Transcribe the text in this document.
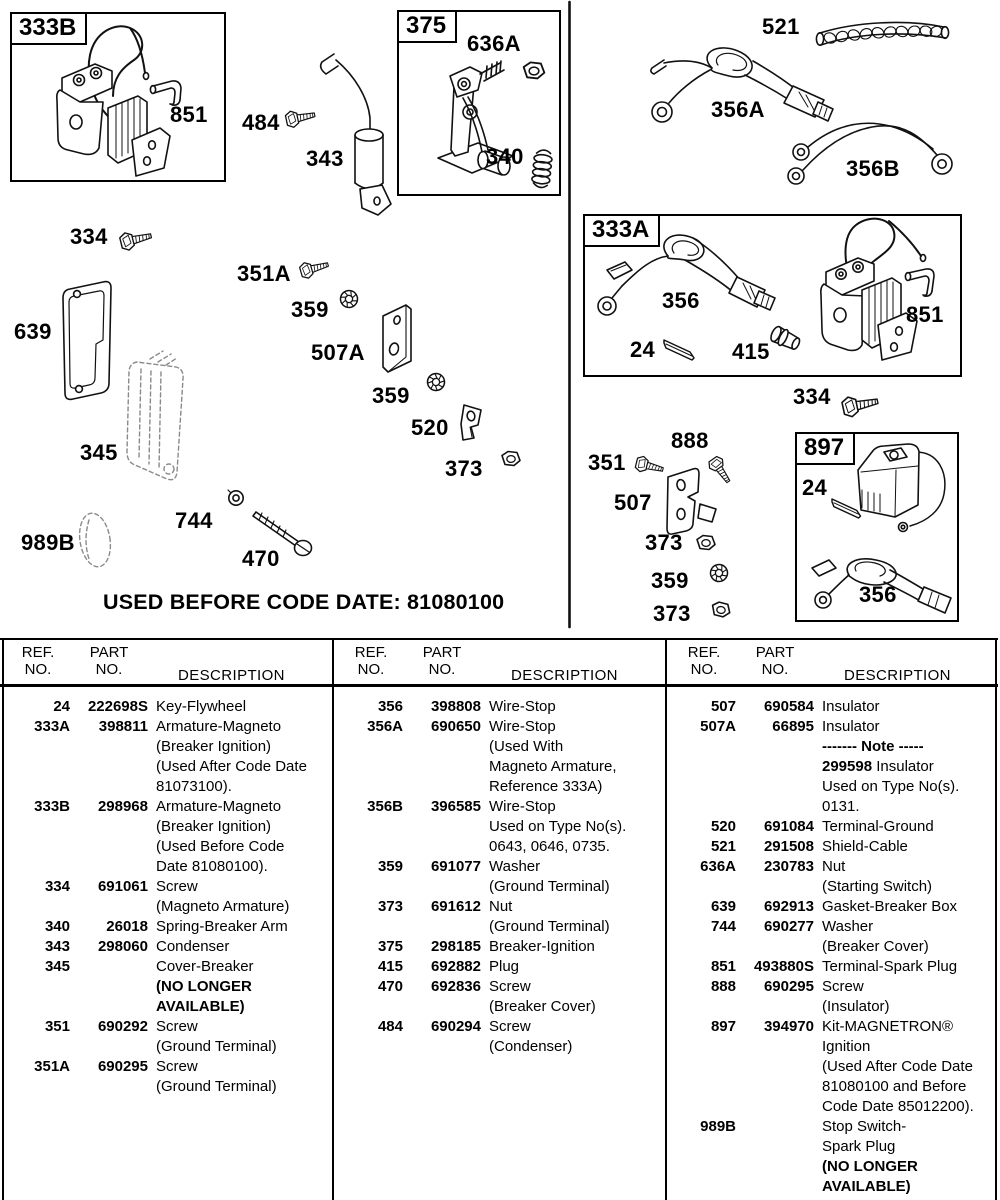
333B	375
333A
897
851 484
343
636A
340
521
356A
356B
356
24	415
851
334
334
351A
359
639
507A
359
520
345
373
744
989B
470
888
351
507
373
359
373
24
356
USED BEFORE CODE DATE: 81080100
REF.
NO.
PART
NO.	DESCRIPTION
24	222698S Key-Flywheel
333A	398811 Armature-Magneto
(Breaker Ignition)
(Used After Code Date
81073100).
333B	298968 Armature-Magneto
(Breaker Ignition)
(Used Before Code
Date 81080100).
334	691061 Screw
(Magneto Armature)
340	26018 Spring-Breaker Arm
343	298060 Condenser
345	Cover-Breaker
(NO LONGER
AVAILABLE)
351	690292 Screw
(Ground Terminal)
351A	690295 Screw
(Ground Terminal)
REF.
NO.
PART
NO.	DESCRIPTION
356	398808 Wire-Stop
356A	690650 Wire-Stop
(Used With
Magneto Armature,
Reference 333A)
356B	396585 Wire-Stop
Used on Type No(s).
0643, 0646, 0735.
359	691077 Washer
(Ground Terminal)
373	691612 Nut
(Ground Terminal)
375	298185 Breaker-Ignition
415	692882 Plug
470	692836 Screw
(Breaker Cover)
484	690294 Screw
(Condenser)
REF.
NO.
PART
NO.	DESCRIPTION
507	690584 Insulator
507A	66895 Insulator
------- Note -----
299598 Insulator
Used on Type No(s).
0131.
520	691084 Terminal-Ground
521	291508 Shield-Cable
636A	230783 Nut
(Starting Switch)
639	692913 Gasket-Breaker Box
744	690277 Washer
(Breaker Cover)
851	493880S Terminal-Spark Plug
888	690295 Screw
(Insulator)
897	394970 Kit-MAGNETRON®
Ignition
(Used After Code Date
81080100 and Before
Code Date 85012200).
989B	Stop Switch-
Spark Plug
(NO LONGER
AVAILABLE)
